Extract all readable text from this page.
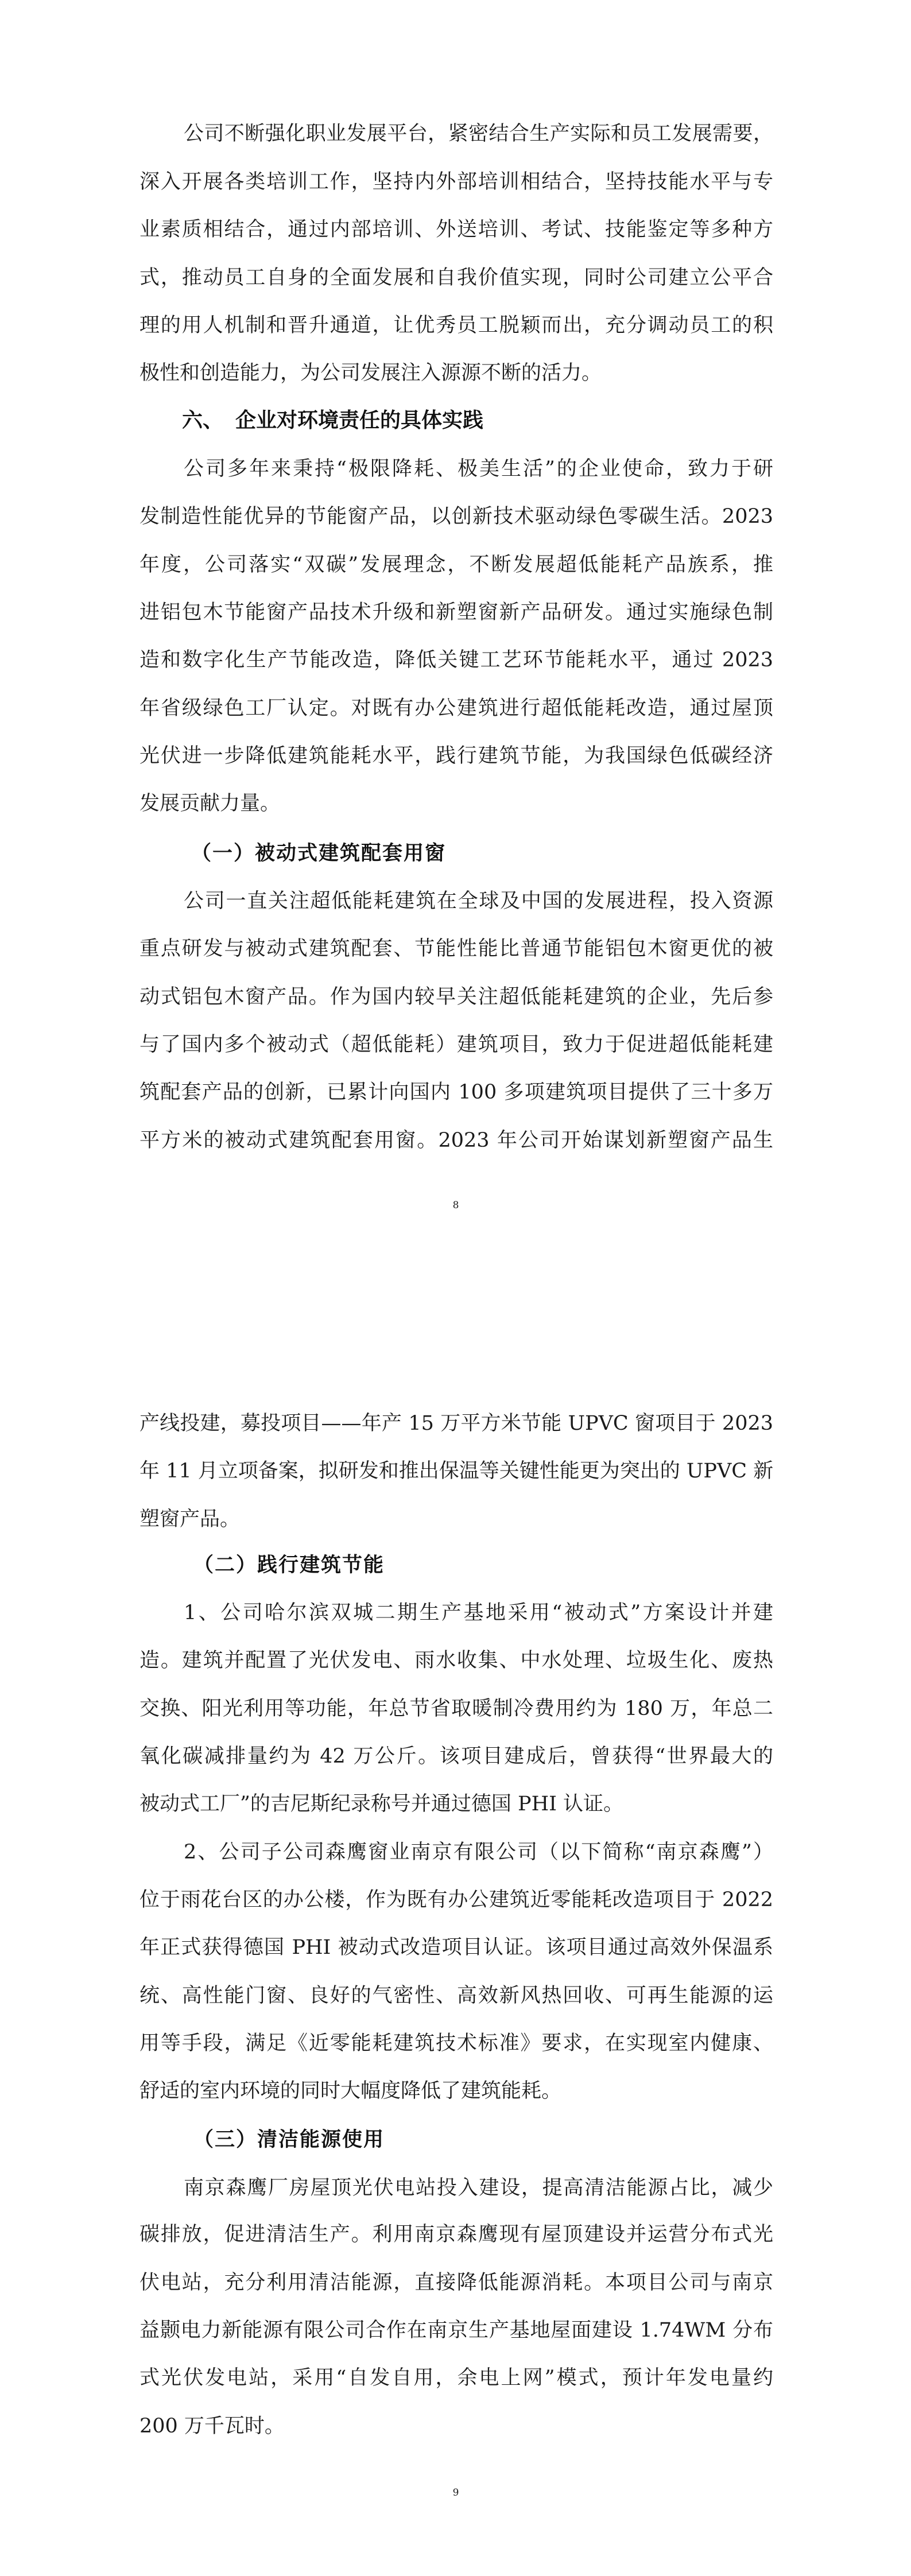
公司不断强化职业发展平台，紧密结合生产实际和员工发展需要，
深入开展各类培训工作，坚持内外部培训相结合，坚持技能水平与专
业素质相结合，通过内部培训、外送培训、考试、技能鉴定等多种方
式，推动员工自身的全面发展和自我价值实现，同时公司建立公平合
理的用人机制和晋升通道，让优秀员工脱颖而出，充分调动员工的积
极性和创造能力，为公司发展注入源源不断的活力。
六、 企业对环境责任的具体实践
公司多年来秉持“极限降耗、极美生活”的企业使命，致力于研
发制造性能优异的节能窗产品，以创新技术驱动绿色零碳生活。2023
年度，公司落实“双碳”发展理念，不断发展超低能耗产品族系，推
进铝包木节能窗产品技术升级和新塑窗新产品研发。通过实施绿色制
造和数字化生产节能改造，降低关键工艺环节能耗水平，通过 2023
年省级绿色工厂认定。对既有办公建筑进行超低能耗改造，通过屋顶
光伏进一步降低建筑能耗水平，践行建筑节能，为我国绿色低碳经济
发展贡献力量。
（一）被动式建筑配套用窗
公司一直关注超低能耗建筑在全球及中国的发展进程，投入资源
重点研发与被动式建筑配套、节能性能比普通节能铝包木窗更优的被
动式铝包木窗产品。作为国内较早关注超低能耗建筑的企业，先后参
与了国内多个被动式（超低能耗）建筑项目，致力于促进超低能耗建
筑配套产品的创新，已累计向国内 100 多项建筑项目提供了三十多万
平方米的被动式建筑配套用窗。2023 年公司开始谋划新塑窗产品生
8
产线投建，募投项目——年产 15 万平方米节能 UPVC 窗项目于 2023
年 11 月立项备案，拟研发和推出保温等关键性能更为突出的 UPVC 新
塑窗产品。
（二）践行建筑节能
1、公司哈尔滨双城二期生产基地采用“被动式”方案设计并建
造。建筑并配置了光伏发电、雨水收集、中水处理、垃圾生化、废热
交换、阳光利用等功能，年总节省取暖制冷费用约为 180 万，年总二
氧化碳减排量约为 42 万公斤。该项目建成后，曾获得“世界最大的
被动式工厂”的吉尼斯纪录称号并通过德国 PHI 认证。
2、公司子公司森鹰窗业南京有限公司（以下简称“南京森鹰”）
位于雨花台区的办公楼，作为既有办公建筑近零能耗改造项目于 2022
年正式获得德国 PHI 被动式改造项目认证。该项目通过高效外保温系
统、高性能门窗、良好的气密性、高效新风热回收、可再生能源的运
用等手段，满足《近零能耗建筑技术标准》要求，在实现室内健康、
舒适的室内环境的同时大幅度降低了建筑能耗。
（三）清洁能源使用
南京森鹰厂房屋顶光伏电站投入建设，提高清洁能源占比，减少
碳排放，促进清洁生产。利用南京森鹰现有屋顶建设并运营分布式光
伏电站，充分利用清洁能源，直接降低能源消耗。本项目公司与南京
益颢电力新能源有限公司合作在南京生产基地屋面建设 1.74WM 分布
式光伏发电站，采用“自发自用，余电上网”模式，预计年发电量约
200 万千瓦时。
9
